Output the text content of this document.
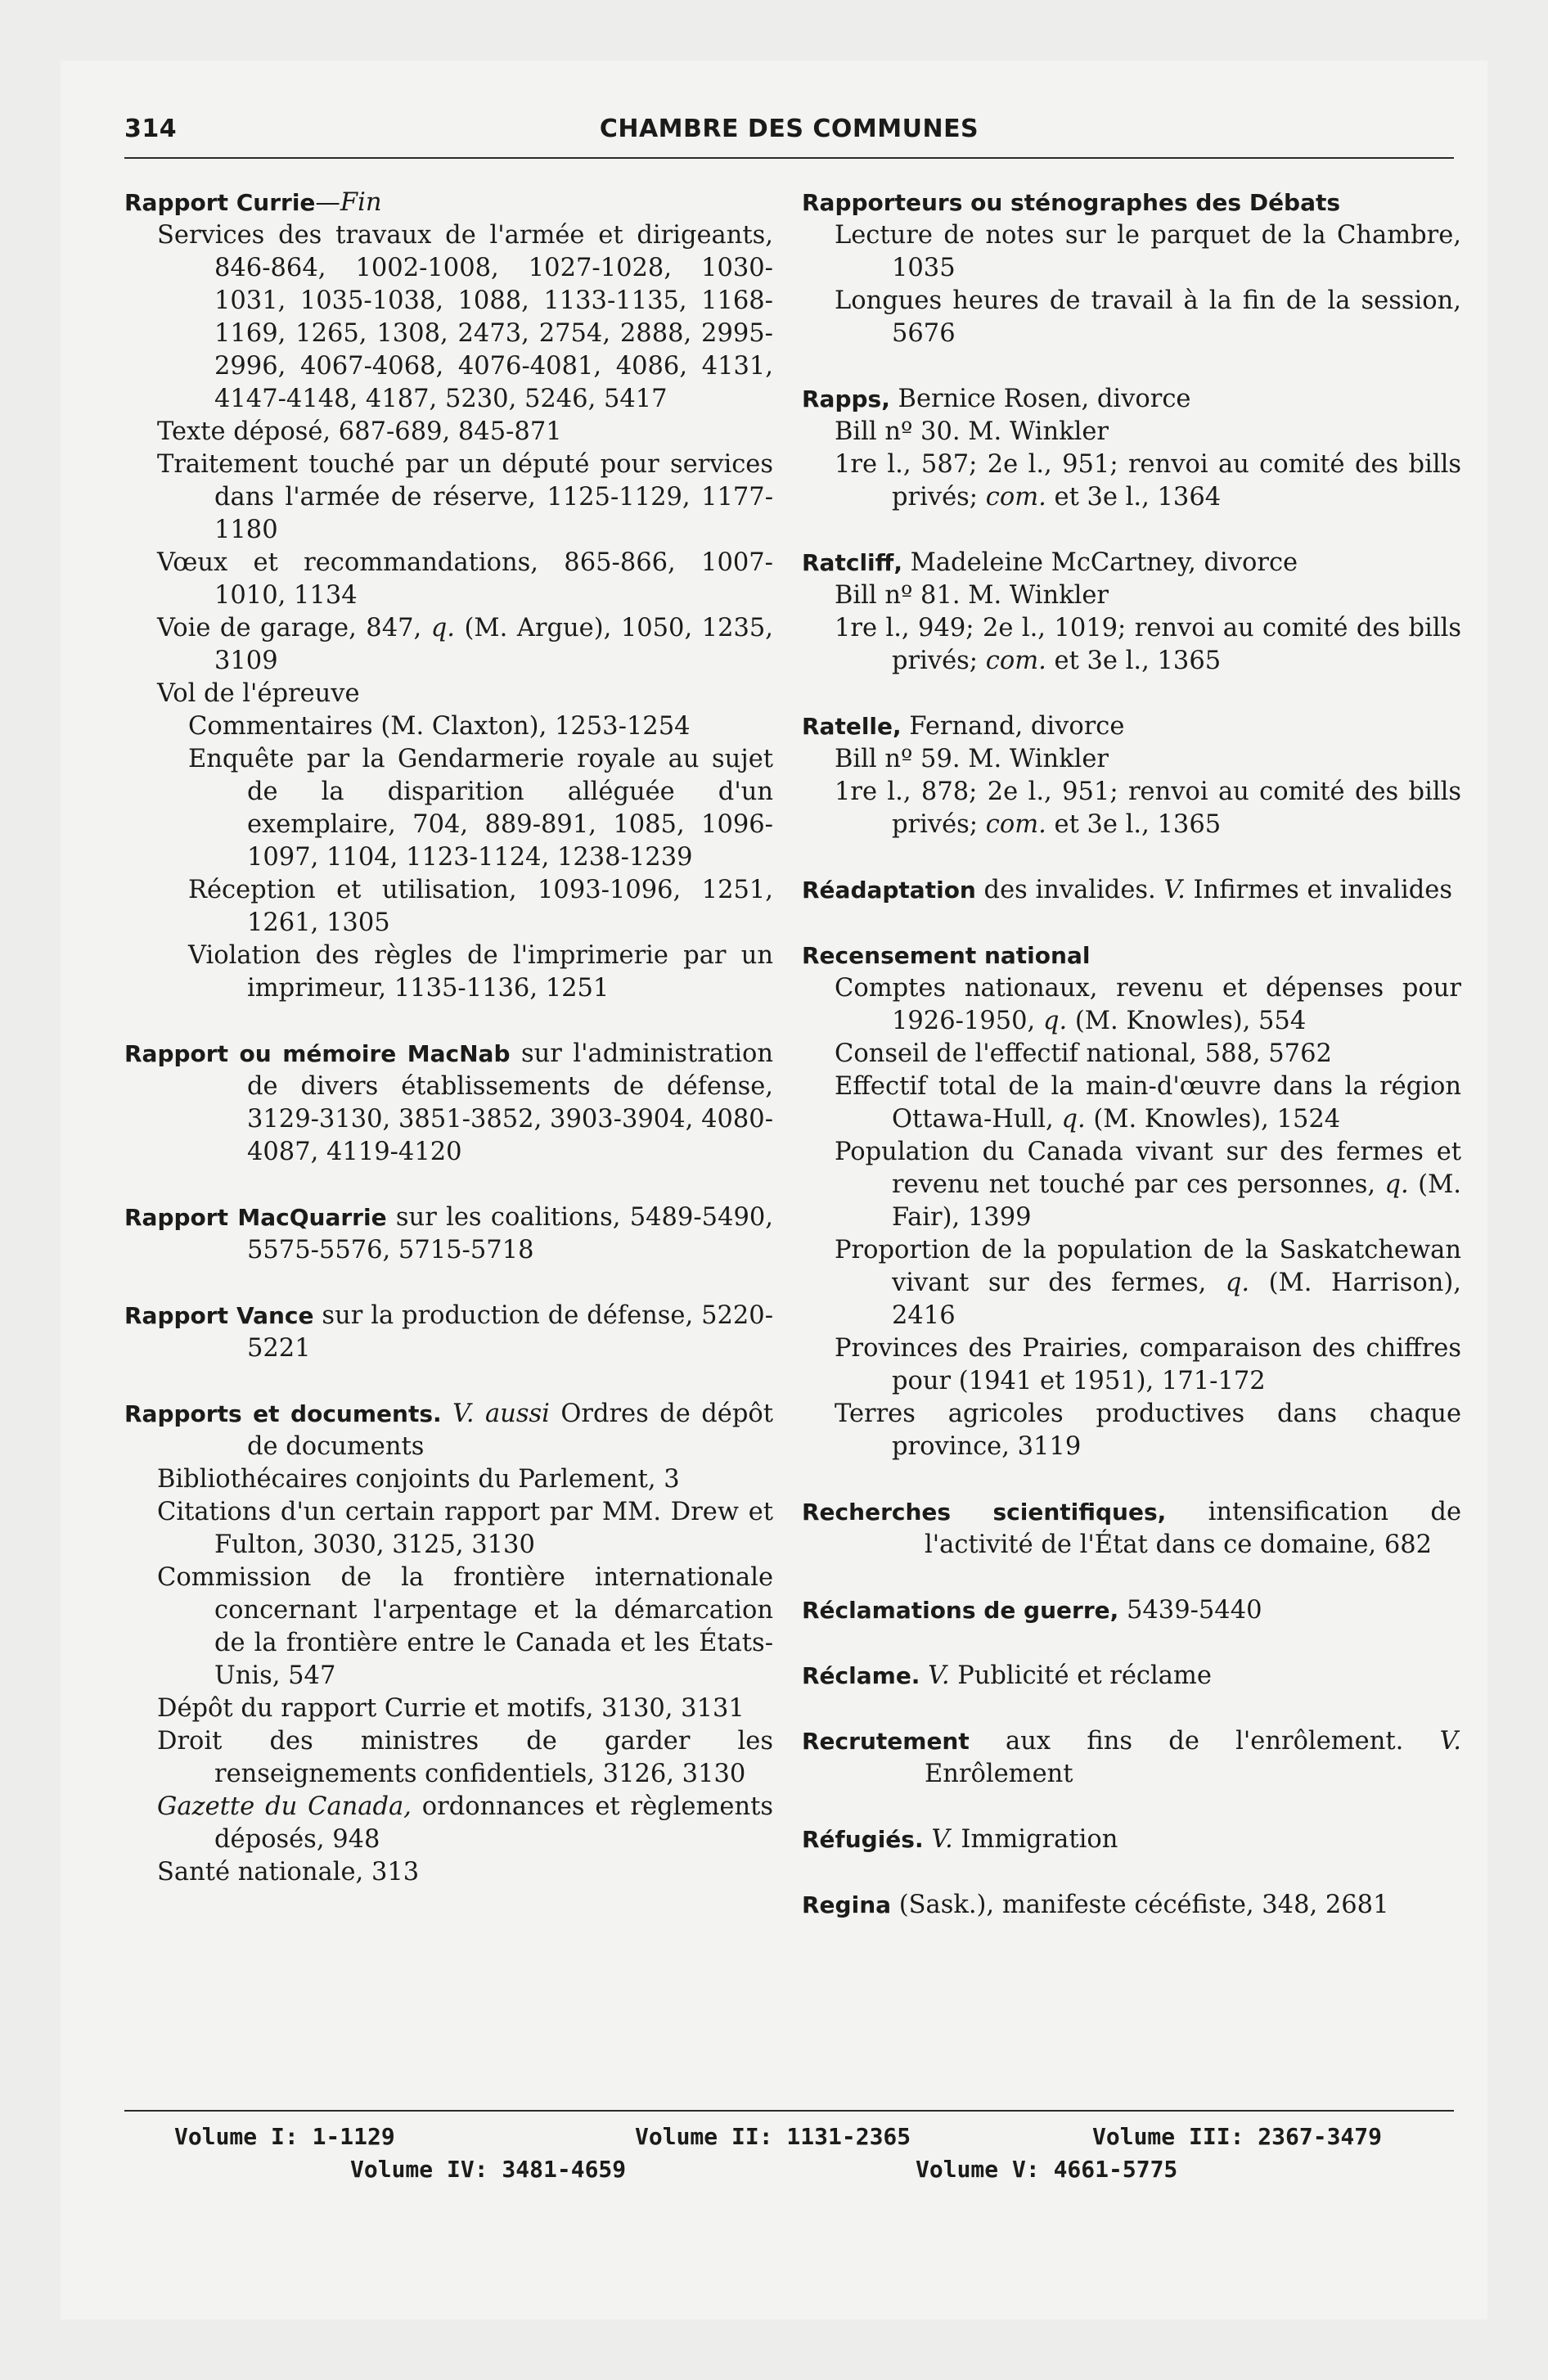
314	CHAMBRE DES COMMUNES

Rapport Currie—Fin

Services des travaux de l'armée et dirigeants, 846-864, 1002-1008, 1027-1028, 1030-1031, 1035-1038, 1088, 1133-1135, 1168-1169, 1265, 1308, 2473, 2754, 2888, 2995-2996, 4067-4068, 4076-4081, 4086, 4131, 4147-4148, 4187, 5230, 5246, 5417

Texte déposé, 687-689, 845-871

Traitement touché par un député pour services dans l'armée de réserve, 1125-1129, 1177-1180

Vœux et recommandations, 865-866, 1007-1010, 1134

Voie de garage, 847, q. (M. Argue), 1050, 1235, 3109

Vol de l'épreuve

Commentaires (M. Claxton), 1253-1254

Enquête par la Gendarmerie royale au sujet de la disparition alléguée d'un exemplaire, 704, 889-891, 1085, 1096-1097, 1104, 1123-1124, 1238-1239

Réception et utilisation, 1093-1096, 1251, 1261, 1305

Violation des règles de l'imprimerie par un imprimeur, 1135-1136, 1251

Rapport ou mémoire MacNab sur l'administration de divers établissements de défense, 3129-3130, 3851-3852, 3903-3904, 4080-4087, 4119-4120

Rapport MacQuarrie sur les coalitions, 5489-5490, 5575-5576, 5715-5718

Rapport Vance sur la production de défense, 5220-5221

Rapports et documents. V. aussi Ordres de dépôt de documents

Bibliothécaires conjoints du Parlement, 3

Citations d'un certain rapport par MM. Drew et Fulton, 3030, 3125, 3130

Commission de la frontière internationale concernant l'arpentage et la démarcation de la frontière entre le Canada et les États-Unis, 547

Dépôt du rapport Currie et motifs, 3130, 3131

Droit des ministres de garder les renseignements confidentiels, 3126, 3130

Gazette du Canada, ordonnances et règlements déposés, 948

Santé nationale, 313

Rapporteurs ou sténographes des Débats

Lecture de notes sur le parquet de la Chambre, 1035

Longues heures de travail à la fin de la session, 5676

Rapps, Bernice Rosen, divorce

Bill nº 30. M. Winkler

1re l., 587; 2e l., 951; renvoi au comité des bills privés; com. et 3e l., 1364

Ratcliff, Madeleine McCartney, divorce

Bill nº 81. M. Winkler

1re l., 949; 2e l., 1019; renvoi au comité des bills privés; com. et 3e l., 1365

Ratelle, Fernand, divorce

Bill nº 59. M. Winkler

1re l., 878; 2e l., 951; renvoi au comité des bills privés; com. et 3e l., 1365

Réadaptation des invalides. V. Infirmes et invalides

Recensement national

Comptes nationaux, revenu et dépenses pour 1926-1950, q. (M. Knowles), 554

Conseil de l'effectif national, 588, 5762

Effectif total de la main-d'œuvre dans la région Ottawa-Hull, q. (M. Knowles), 1524

Population du Canada vivant sur des fermes et revenu net touché par ces personnes, q. (M. Fair), 1399

Proportion de la population de la Saskatchewan vivant sur des fermes, q. (M. Harrison), 2416

Provinces des Prairies, comparaison des chiffres pour (1941 et 1951), 171-172

Terres agricoles productives dans chaque province, 3119

Recherches scientifiques, intensification de l'activité de l'État dans ce domaine, 682

Réclamations de guerre, 5439-5440

Réclame. V. Publicité et réclame

Recrutement aux fins de l'enrôlement. V. Enrôlement

Réfugiés. V. Immigration

Regina (Sask.), manifeste cécéfiste, 348, 2681

Volume I: 1-1129	Volume II: 1131-2365	Volume III: 2367-3479
Volume IV: 3481-4659	Volume V: 4661-5775
